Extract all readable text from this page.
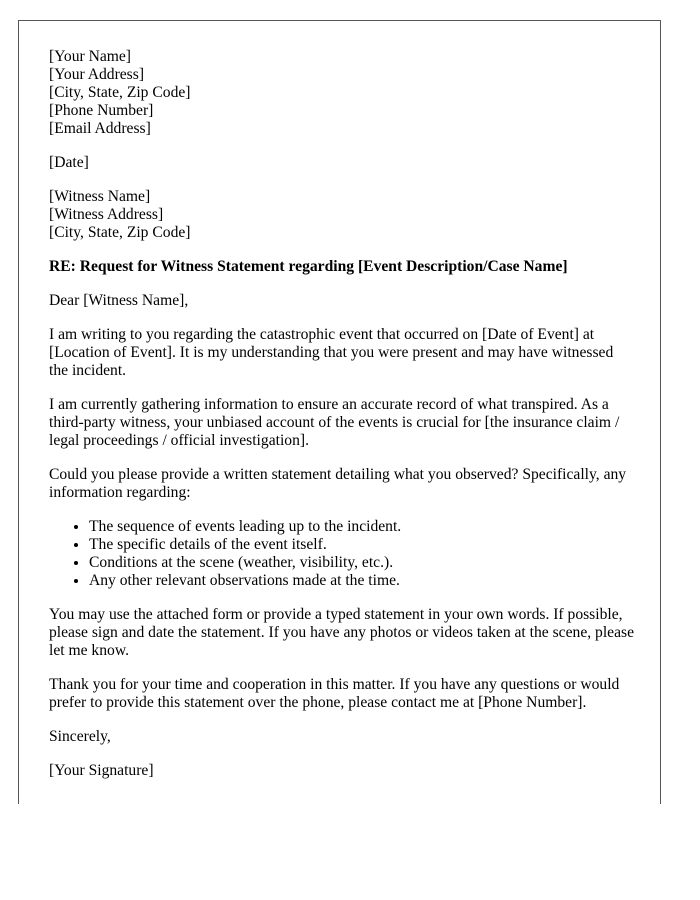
[Your Name]
[Your Address]
[City, State, Zip Code]
[Phone Number]
[Email Address]
[Date]
[Witness Name]
[Witness Address]
[City, State, Zip Code]

RE: Request for Witness Statement regarding [Event Description/Case Name]

Dear [Witness Name],

I am writing to you regarding the catastrophic event that occurred on [Date of Event] at [Location of Event]. It is my understanding that you were present and may have witnessed the incident.

I am currently gathering information to ensure an accurate record of what transpired. As a third-party witness, your unbiased account of the events is crucial for [the insurance claim / legal proceedings / official investigation].

Could you please provide a written statement detailing what you observed? Specifically, any information regarding:

• The sequence of events leading up to the incident.
• The specific details of the event itself.
• Conditions at the scene (weather, visibility, etc.).
• Any other relevant observations made at the time.

You may use the attached form or provide a typed statement in your own words. If possible, please sign and date the statement. If you have any photos or videos taken at the scene, please let me know.

Thank you for your time and cooperation in this matter. If you have any questions or would prefer to provide this statement over the phone, please contact me at [Phone Number].

Sincerely,

[Your Signature]
